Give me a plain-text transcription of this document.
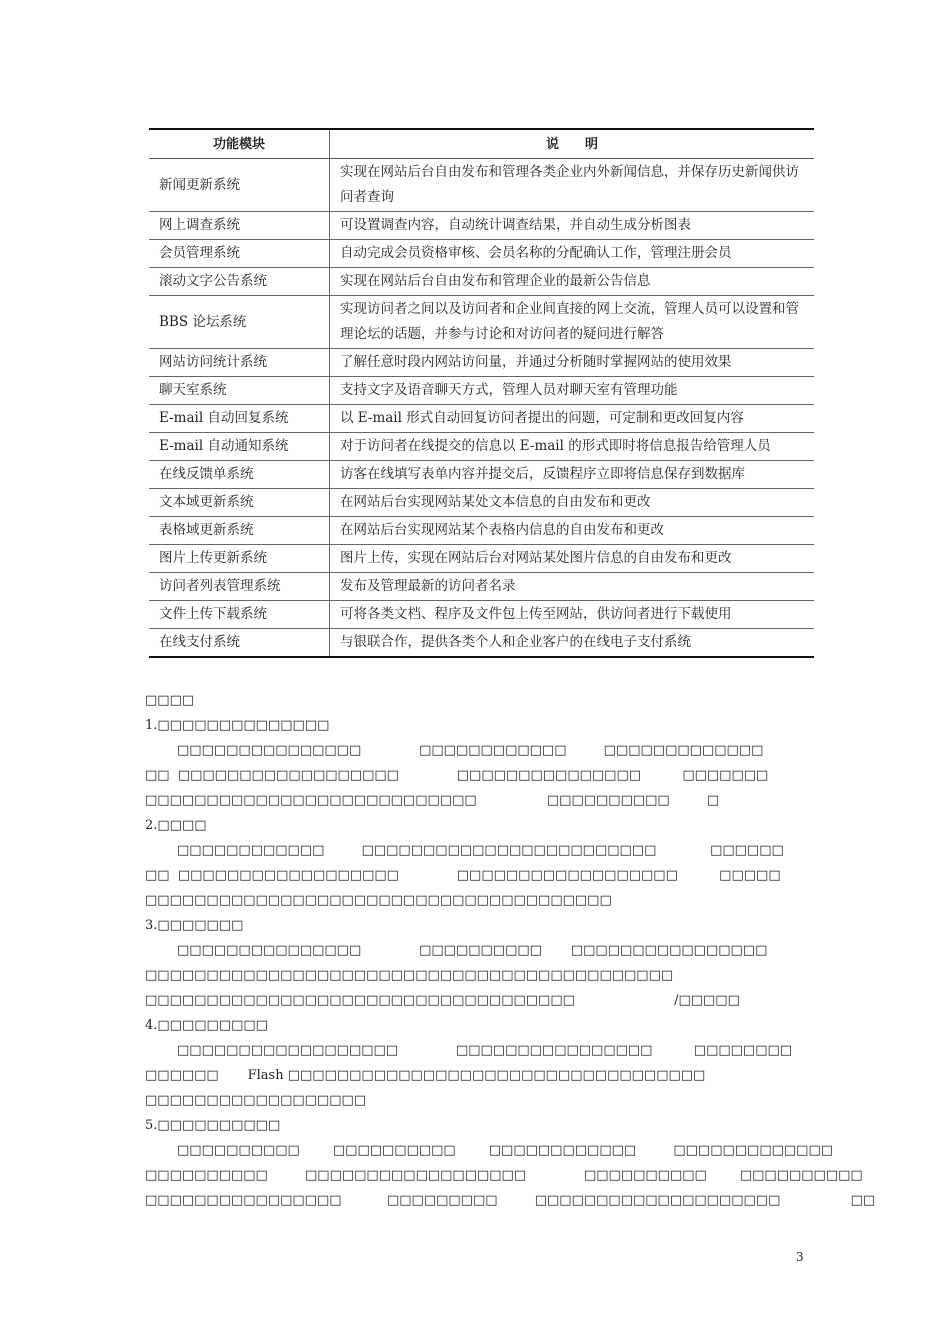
功能模块	说明
新闻更新系统	实现在网站后台自由发布和管理各类企业内外新闻信息，并保存历史新闻供访问者查询
网上调查系统	可设置调查内容，自动统计调查结果，并自动生成分析图表
会员管理系统	自动完成会员资格审核、会员名称的分配确认工作，管理注册会员
滚动文字公告系统	实现在网站后台自由发布和管理企业的最新公告信息
BBS 论坛系统	实现访问者之间以及访问者和企业间直接的网上交流，管理人员可以设置和管理论坛的话题，并参与讨论和对访问者的疑问进行解答
网站访问统计系统	了解任意时段内网站访问量，并通过分析随时掌握网站的使用效果
聊天室系统	支持文字及语音聊天方式，管理人员对聊天室有管理功能
E-mail 自动回复系统	以 E-mail 形式自动回复访问者提出的问题，可定制和更改回复内容
E-mail 自动通知系统	对于访问者在线提交的信息以 E-mail 的形式即时将信息报告给管理人员
在线反馈单系统	访客在线填写表单内容并提交后，反馈程序立即将信息保存到数据库
文本域更新系统	在网站后台实现网站某处文本信息的自由发布和更改
表格域更新系统	在网站后台实现网站某个表格内信息的自由发布和更改
图片上传更新系统	图片上传，实现在网站后台对网站某处图片信息的自由发布和更改
访问者列表管理系统	发布及管理最新的访问者名录
文件上传下载系统	可将各类文档、程序及文件包上传至网站，供访问者进行下载使用
在线支付系统	与银联合作，提供各类个人和企业客户的在线电子支付系统
□□□□
1.□□□□□□□□□□□□□□
□□□□□□□□□□□□□□□              □□□□□□□□□□□□         □□□□□□□□□□□□□
□□  □□□□□□□□□□□□□□□□□□              □□□□□□□□□□□□□□□          □□□□□□□
□□□□□□□□□□□□□□□□□□□□□□□□□□□                 □□□□□□□□□□         □
2.□□□□
□□□□□□□□□□□□         □□□□□□□□□□□□□□□□□□□□□□□□             □□□□□□
□□  □□□□□□□□□□□□□□□□□□              □□□□□□□□□□□□□□□□□□          □□□□□
□□□□□□□□□□□□□□□□□□□□□□□□□□□□□□□□□□□□□□
3.□□□□□□□
□□□□□□□□□□□□□□□              □□□□□□□□□□       □□□□□□□□□□□□□□□□
□□□□□□□□□□□□□□□□□□□□□□□□□□□□□□□□□□□□□□□□□□□
□□□□□□□□□□□□□□□□□□□□□□□□□□□□□□□□□□□                        /□□□□□
4.□□□□□□□□□
□□□□□□□□□□□□□□□□□□              □□□□□□□□□□□□□□□□          □□□□□□□□
□□□□□□       Flash □□□□□□□□□□□□□□□□□□□□□□□□□□□□□□□□□□
□□□□□□□□□□□□□□□□□□
5.□□□□□□□□□□
□□□□□□□□□□        □□□□□□□□□□        □□□□□□□□□□□□         □□□□□□□□□□□□□
□□□□□□□□□□         □□□□□□□□□□□□□□□□□□              □□□□□□□□□□        □□□□□□□□□□
□□□□□□□□□□□□□□□□           □□□□□□□□□         □□□□□□□□□□□□□□□□□□□□                 □□
3
